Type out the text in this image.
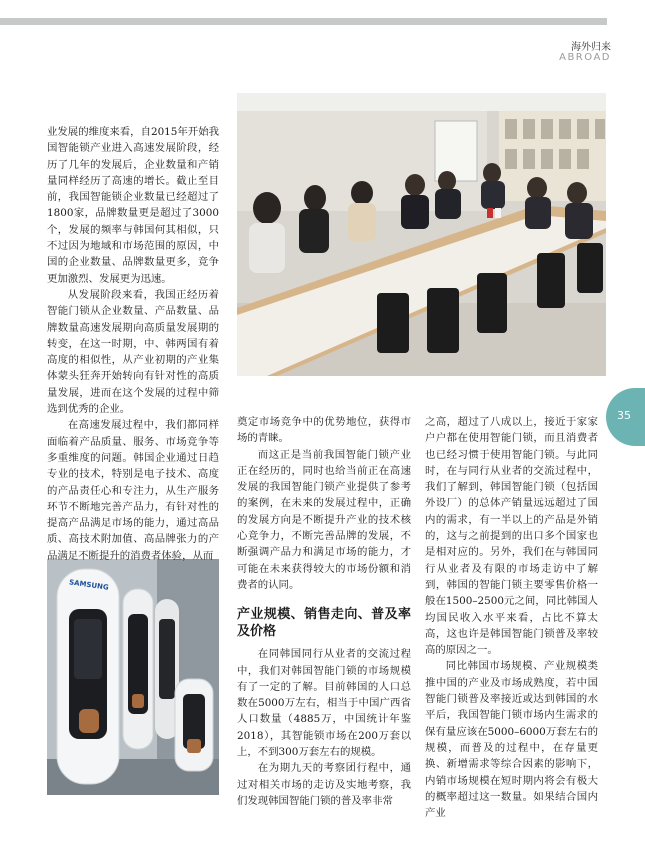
海外归来
ABROAD
SAMSUNG

业发展的维度来看，自2015年开始我国智能锁产业进入高速发展阶段，经历了几年的发展后，企业数量和产销量同样经历了高速的增长。截止至目前，我国智能锁企业数量已经超过了1800家，品牌数量更是超过了3000个，发展的频率与韩国何其相似，只不过因为地域和市场范围的原因，中国的企业数量、品牌数量更多，竞争更加激烈、发展更为迅速。

从发展阶段来看，我国正经历着智能门锁从企业数量、产品数量、品牌数量高速发展期向高质量发展期的转变，在这一时期，中、韩两国有着高度的相似性，从产业初期的产业集体蒙头狂奔开始转向有针对性的高质量发展，进而在这个发展的过程中筛选到优秀的企业。

在高速发展过程中，我们都同样面临着产品质量、服务、市场竞争等多重维度的问题。韩国企业通过日趋专业的技术，特别是电子技术、高度的产品责任心和专注力，从生产服务环节不断地完善产品力，有针对性的提高产品满足市场的能力，通过高品质、高技术附加值、高品牌张力的产品满足不断提升的消费者体验，从而

奠定市场竞争中的优势地位，获得市场的青睐。

而这正是当前我国智能门锁产业正在经历的，同时也给当前正在高速发展的我国智能门锁产业提供了参考的案例，在未来的发展过程中，正确的发展方向是不断提升产业的技术核心竞争力，不断完善品牌的发展，不断强调产品力和满足市场的能力，才可能在未来获得较大的市场份额和消费者的认同。

产业规模、销售走向、普及率及价格

在同韩国同行从业者的交流过程中，我们对韩国智能门锁的市场规模有了一定的了解。目前韩国的人口总数在5000万左右，相当于中国广西省人口数量（4885万，中国统计年鉴2018），其智能锁市场在200万套以上，不到300万套左右的规模。

在为期九天的考察团行程中，通过对相关市场的走访及实地考察，我们发现韩国智能门锁的普及率非常

之高，超过了八成以上，接近于家家户户都在使用智能门锁，而且消费者也已经习惯于使用智能门锁。与此同时，在与同行从业者的交流过程中，我们了解到，韩国智能门锁（包括国外设厂）的总体产销量远远超过了国内的需求，有一半以上的产品是外销的，这与之前提到的出口多个国家也是相对应的。另外，我们在与韩国同行从业者及有限的市场走访中了解到，韩国的智能门锁主要零售价格一般在1500–2500元之间，同比韩国人均国民收入水平来看，占比不算太高，这也许是韩国智能门锁普及率较高的原因之一。

同比韩国市场规模、产业规模类推中国的产业及市场成熟度，若中国智能门锁普及率接近或达到韩国的水平后，我国智能门锁市场内生需求的保有量应该在5000–6000万套左右的规模，而普及的过程中，在存量更换、新增需求等综合因素的影响下，内销市场规模在短时期内将会有极大的概率超过这一数量。如果结合国内产业

35
